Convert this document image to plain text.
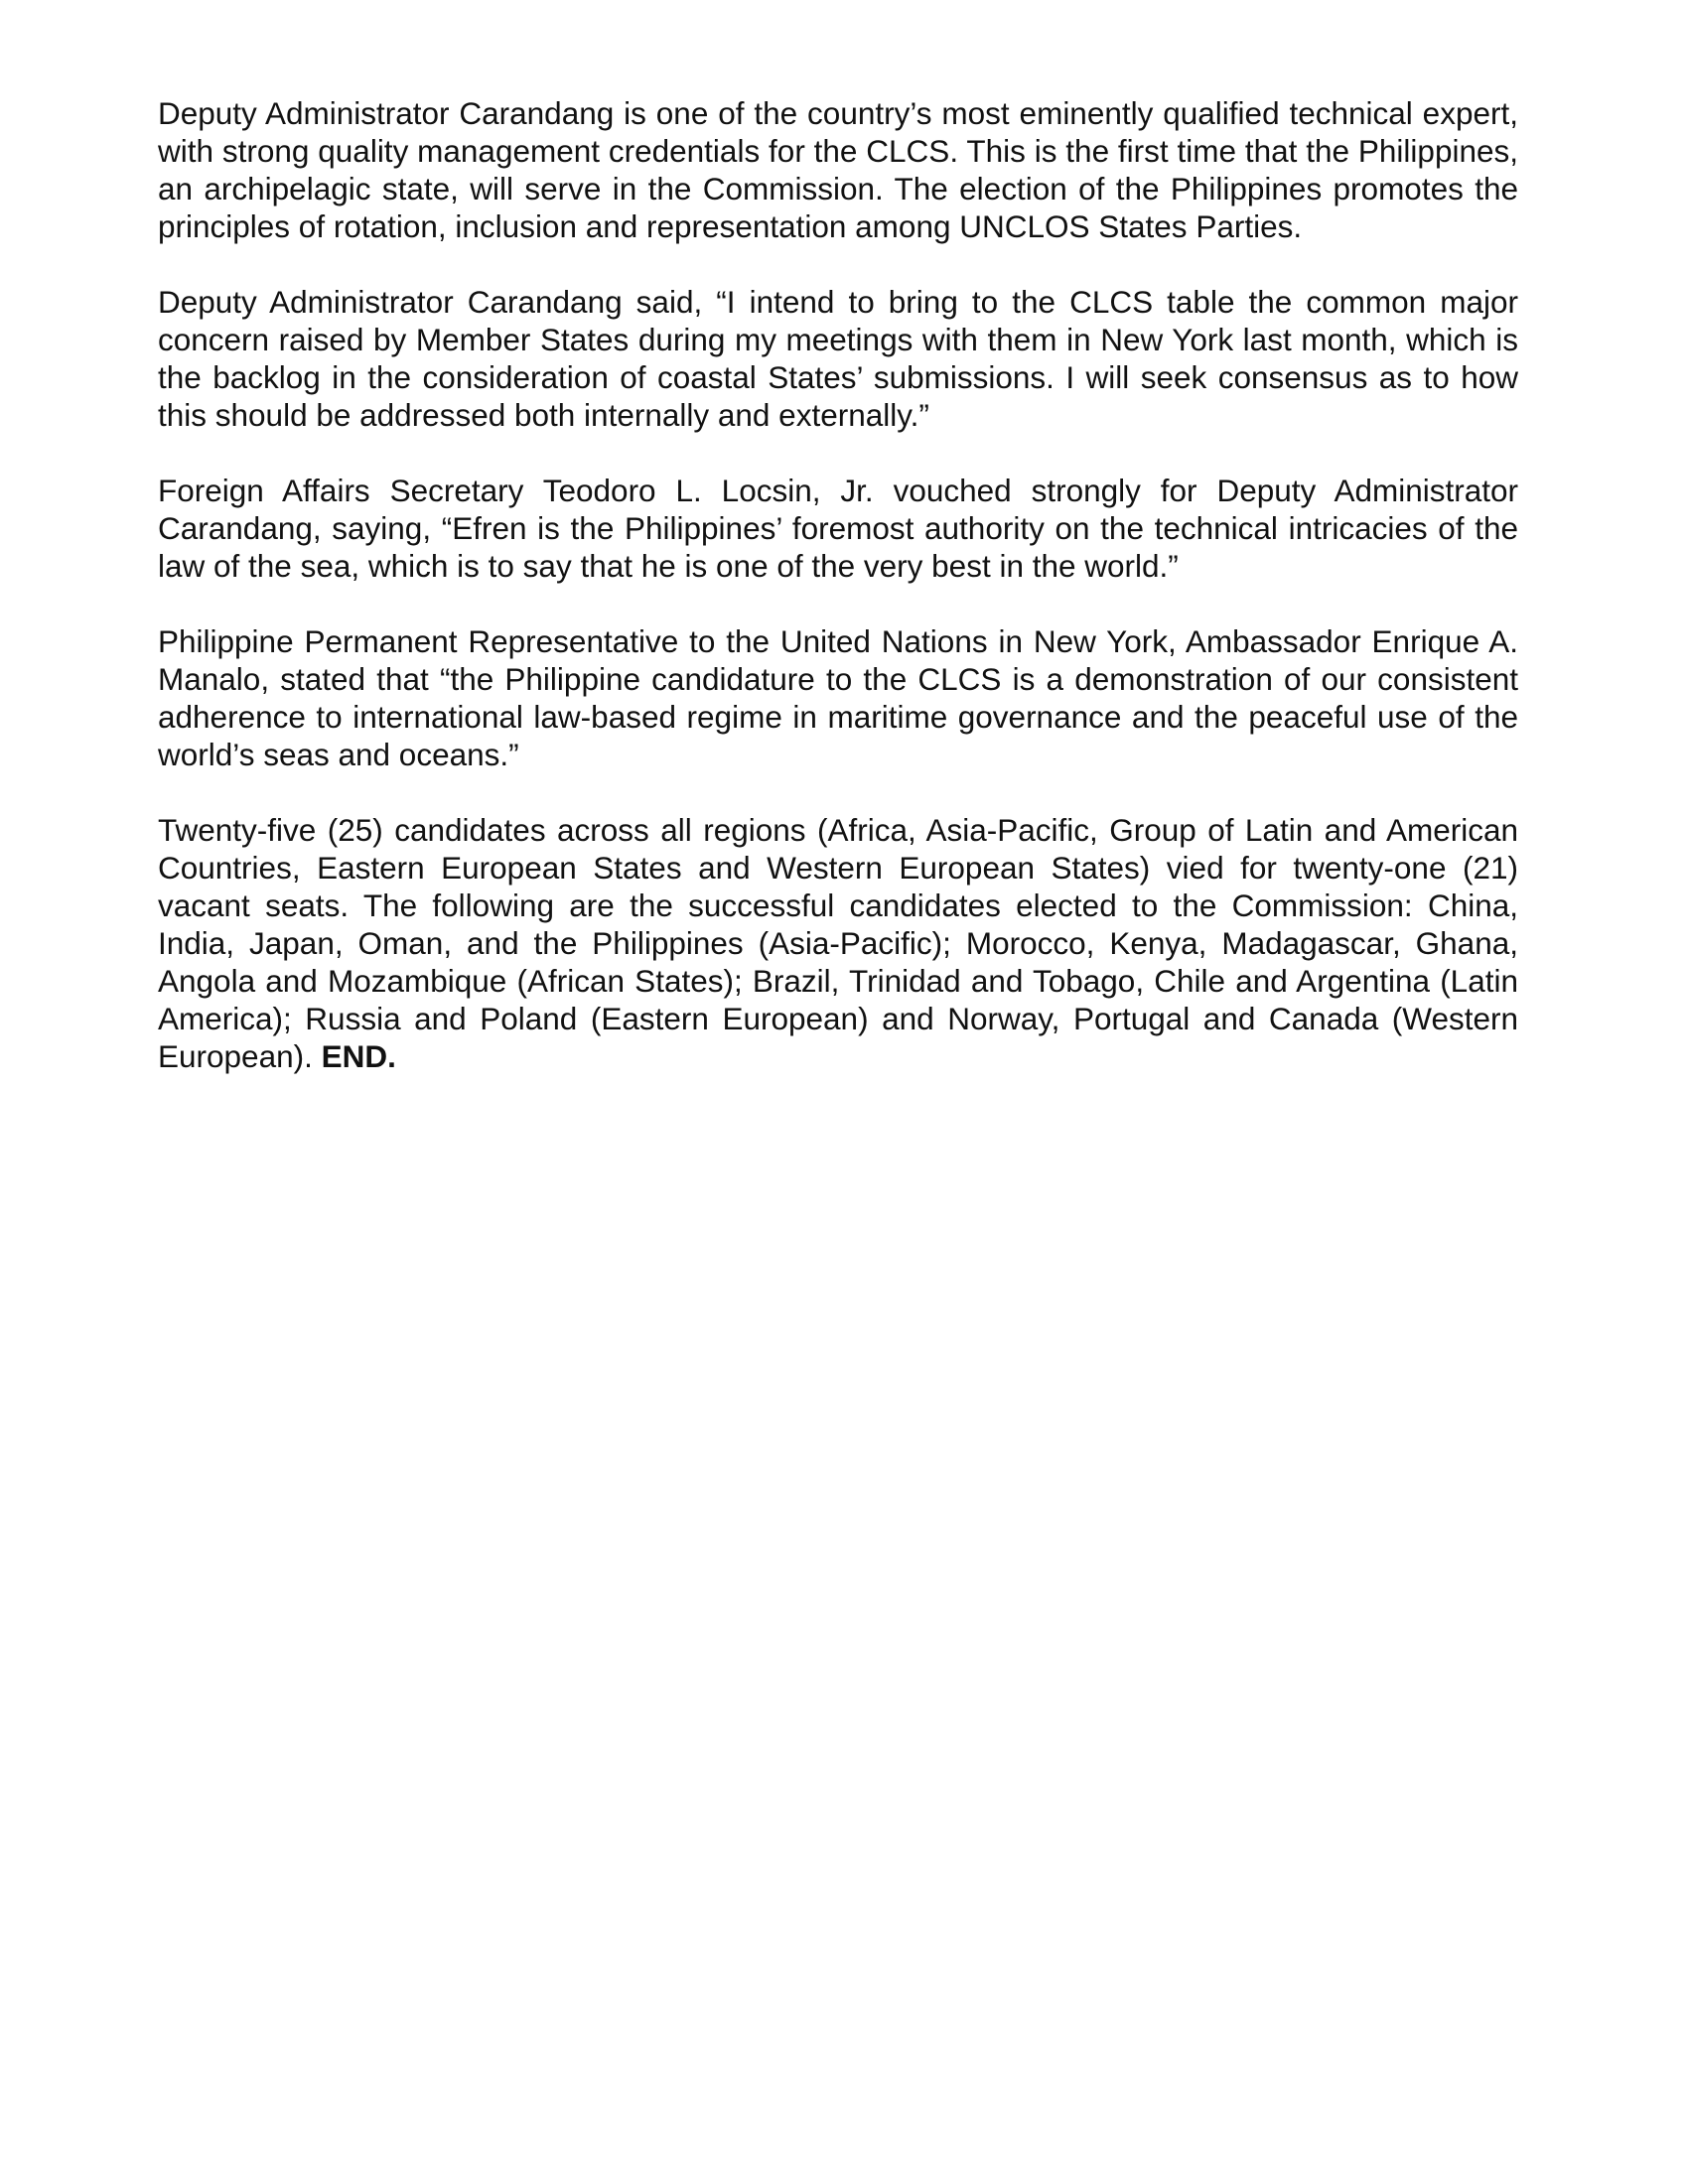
Deputy Administrator Carandang is one of the country’s most eminently qualified technical expert, with strong quality management credentials for the CLCS. This is the first time that the Philippines, an archipelagic state, will serve in the Commission. The election of the Philippines promotes the principles of rotation, inclusion and representation among UNCLOS States Parties.

Deputy Administrator Carandang said, “I intend to bring to the CLCS table the common major concern raised by Member States during my meetings with them in New York last month, which is the backlog in the consideration of coastal States’ submissions. I will seek consensus as to how this should be addressed both internally and externally.”

Foreign Affairs Secretary Teodoro L. Locsin, Jr. vouched strongly for Deputy Administrator Carandang, saying, “Efren is the Philippines’ foremost authority on the technical intricacies of the law of the sea, which is to say that he is one of the very best in the world.”

Philippine Permanent Representative to the United Nations in New York, Ambassador Enrique A. Manalo, stated that “the Philippine candidature to the CLCS is a demonstration of our consistent adherence to international law-based regime in maritime governance and the peaceful use of the world’s seas and oceans.”

Twenty-five (25) candidates across all regions (Africa, Asia-Pacific, Group of Latin and American Countries, Eastern European States and Western European States) vied for twenty-one (21) vacant seats. The following are the successful candidates elected to the Commission: China, India, Japan, Oman, and the Philippines (Asia-Pacific); Morocco, Kenya, Madagascar, Ghana, Angola and Mozambique (African States); Brazil, Trinidad and Tobago, Chile and Argentina (Latin America); Russia and Poland (Eastern European) and Norway, Portugal and Canada (Western European). END.
